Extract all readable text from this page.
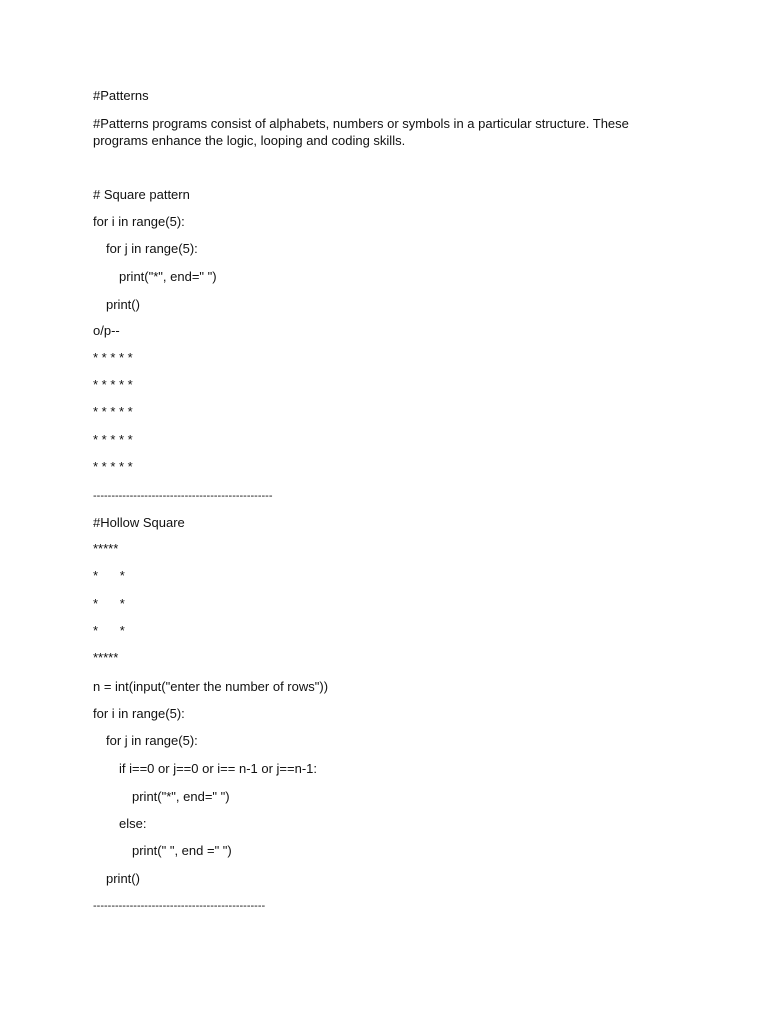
#Patterns
#Patterns programs consist of alphabets, numbers or symbols in a particular structure. These programs enhance the logic, looping and coding skills.
# Square pattern
for i in range(5):
for j in range(5):
print("*", end=" ")
print()
o/p--
* * * * *
* * * * *
* * * * *
* * * * *
* * * * *
-------------------------------------------------
#Hollow Square
*****
*      *
*      *
*      *
*****
n = int(input("enter the number of rows"))
for i in range(5):
for j in range(5):
if i==0 or j==0 or i== n-1 or j==n-1:
print("*", end=" ")
else:
print(" ", end =" ")
print()
-----------------------------------------------
